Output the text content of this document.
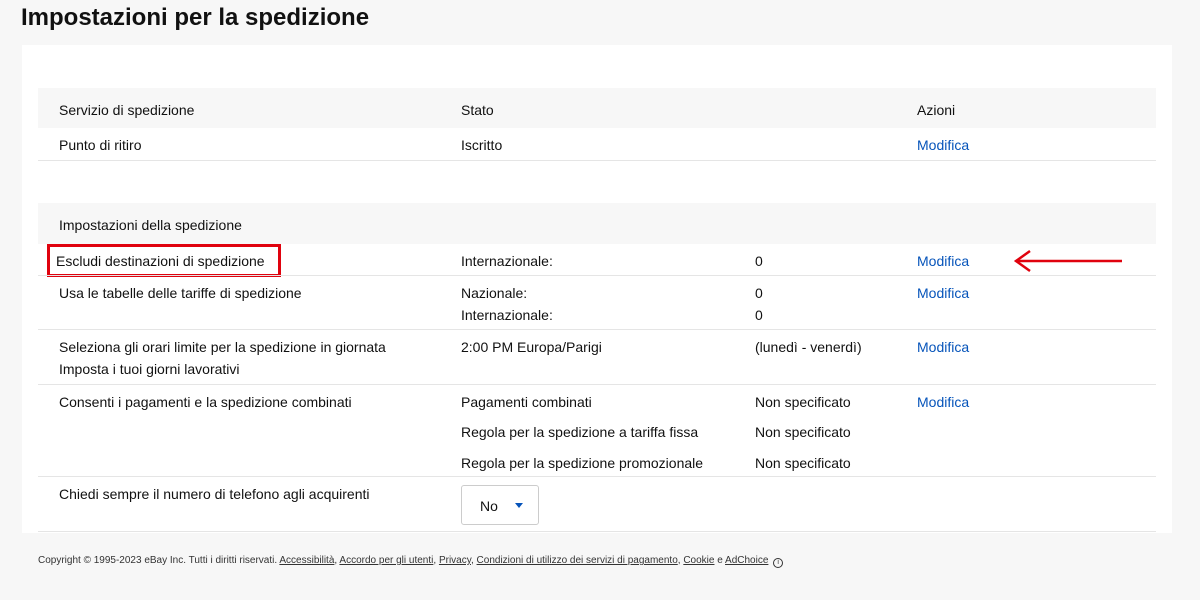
Impostazioni per la spedizione
Servizio di spedizione	Stato	Azioni
Punto di ritiro	Iscritto	Modifica
Impostazioni della spedizione
Escludi destinazioni di spedizione	Internazionale:	0	Modifica
Usa le tabelle delle tariffe di spedizione	Nazionale:	0	Modifica
Internazionale:	0
Seleziona gli orari limite per la spedizione in giornata
Imposta i tuoi giorni lavorativi
2:00 PM Europa/Parigi	(lunedì - venerdì)	Modifica
Consenti i pagamenti e la spedizione combinati	Pagamenti combinati	Non specificato	Modifica
Regola per la spedizione a tariffa fissa	Non specificato
Regola per la spedizione promozionale	Non specificato
Chiedi sempre il numero di telefono agli acquirenti
No
Copyright © 1995-2023 eBay Inc. Tutti i diritti riservati. Accessibilità, Accordo per gli utenti, Privacy, Condizioni di utilizzo dei servizi di pagamento, Cookie e AdChoice i
